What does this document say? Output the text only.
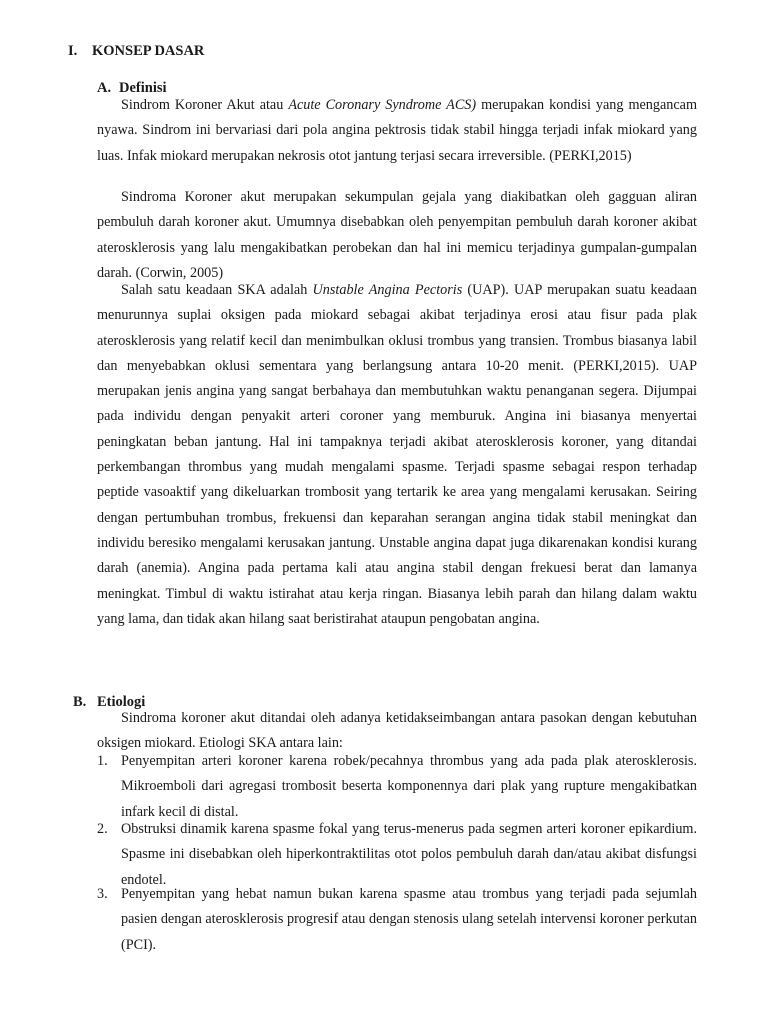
I. KONSEP DASAR
A. Definisi

Sindrom Koroner Akut atau Acute Coronary Syndrome ACS) merupakan kondisi yang mengancam nyawa. Sindrom ini bervariasi dari pola angina pektrosis tidak stabil hingga terjadi infak miokard yang luas. Infak miokard merupakan nekrosis otot jantung terjasi secara irreversible. (PERKI,2015)

Sindroma Koroner akut merupakan sekumpulan gejala yang diakibatkan oleh gagguan aliran pembuluh darah koroner akut. Umumnya disebabkan oleh penyempitan pembuluh darah koroner akibat aterosklerosis yang lalu mengakibatkan perobekan dan hal ini memicu terjadinya gumpalan-gumpalan darah. (Corwin, 2005)

Salah satu keadaan SKA adalah Unstable Angina Pectoris (UAP). UAP merupakan suatu keadaan menurunnya suplai oksigen pada miokard sebagai akibat terjadinya erosi atau fisur pada plak aterosklerosis yang relatif kecil dan menimbulkan oklusi trombus yang transien. Trombus biasanya labil dan menyebabkan oklusi sementara yang berlangsung antara 10-20 menit. (PERKI,2015). UAP merupakan jenis angina yang sangat berbahaya dan membutuhkan waktu penanganan segera. Dijumpai pada individu dengan penyakit arteri coroner yang memburuk. Angina ini biasanya menyertai peningkatan beban jantung. Hal ini tampaknya terjadi akibat aterosklerosis koroner, yang ditandai perkembangan thrombus yang mudah mengalami spasme. Terjadi spasme sebagai respon terhadap peptide vasoaktif yang dikeluarkan trombosit yang tertarik ke area yang mengalami kerusakan. Seiring dengan pertumbuhan trombus, frekuensi dan keparahan serangan angina tidak stabil meningkat dan individu beresiko mengalami kerusakan jantung. Unstable angina dapat juga dikarenakan kondisi kurang darah (anemia). Angina pada pertama kali atau angina stabil dengan frekuesi berat dan lamanya meningkat. Timbul di waktu istirahat atau kerja ringan. Biasanya lebih parah dan hilang dalam waktu yang lama, dan tidak akan hilang saat beristirahat ataupun pengobatan angina.

B. Etiologi

Sindroma koroner akut ditandai oleh adanya ketidakseimbangan antara pasokan dengan kebutuhan oksigen miokard. Etiologi SKA antara lain:

1. Penyempitan arteri koroner karena robek/pecahnya thrombus yang ada pada plak aterosklerosis. Mikroemboli dari agregasi trombosit beserta komponennya dari plak yang rupture mengakibatkan infark kecil di distal.
2. Obstruksi dinamik karena spasme fokal yang terus-menerus pada segmen arteri koroner epikardium. Spasme ini disebabkan oleh hiperkontraktilitas otot polos pembuluh darah dan/atau akibat disfungsi endotel.
3. Penyempitan yang hebat namun bukan karena spasme atau trombus yang terjadi pada sejumlah pasien dengan aterosklerosis progresif atau dengan stenosis ulang setelah intervensi koroner perkutan (PCI).
